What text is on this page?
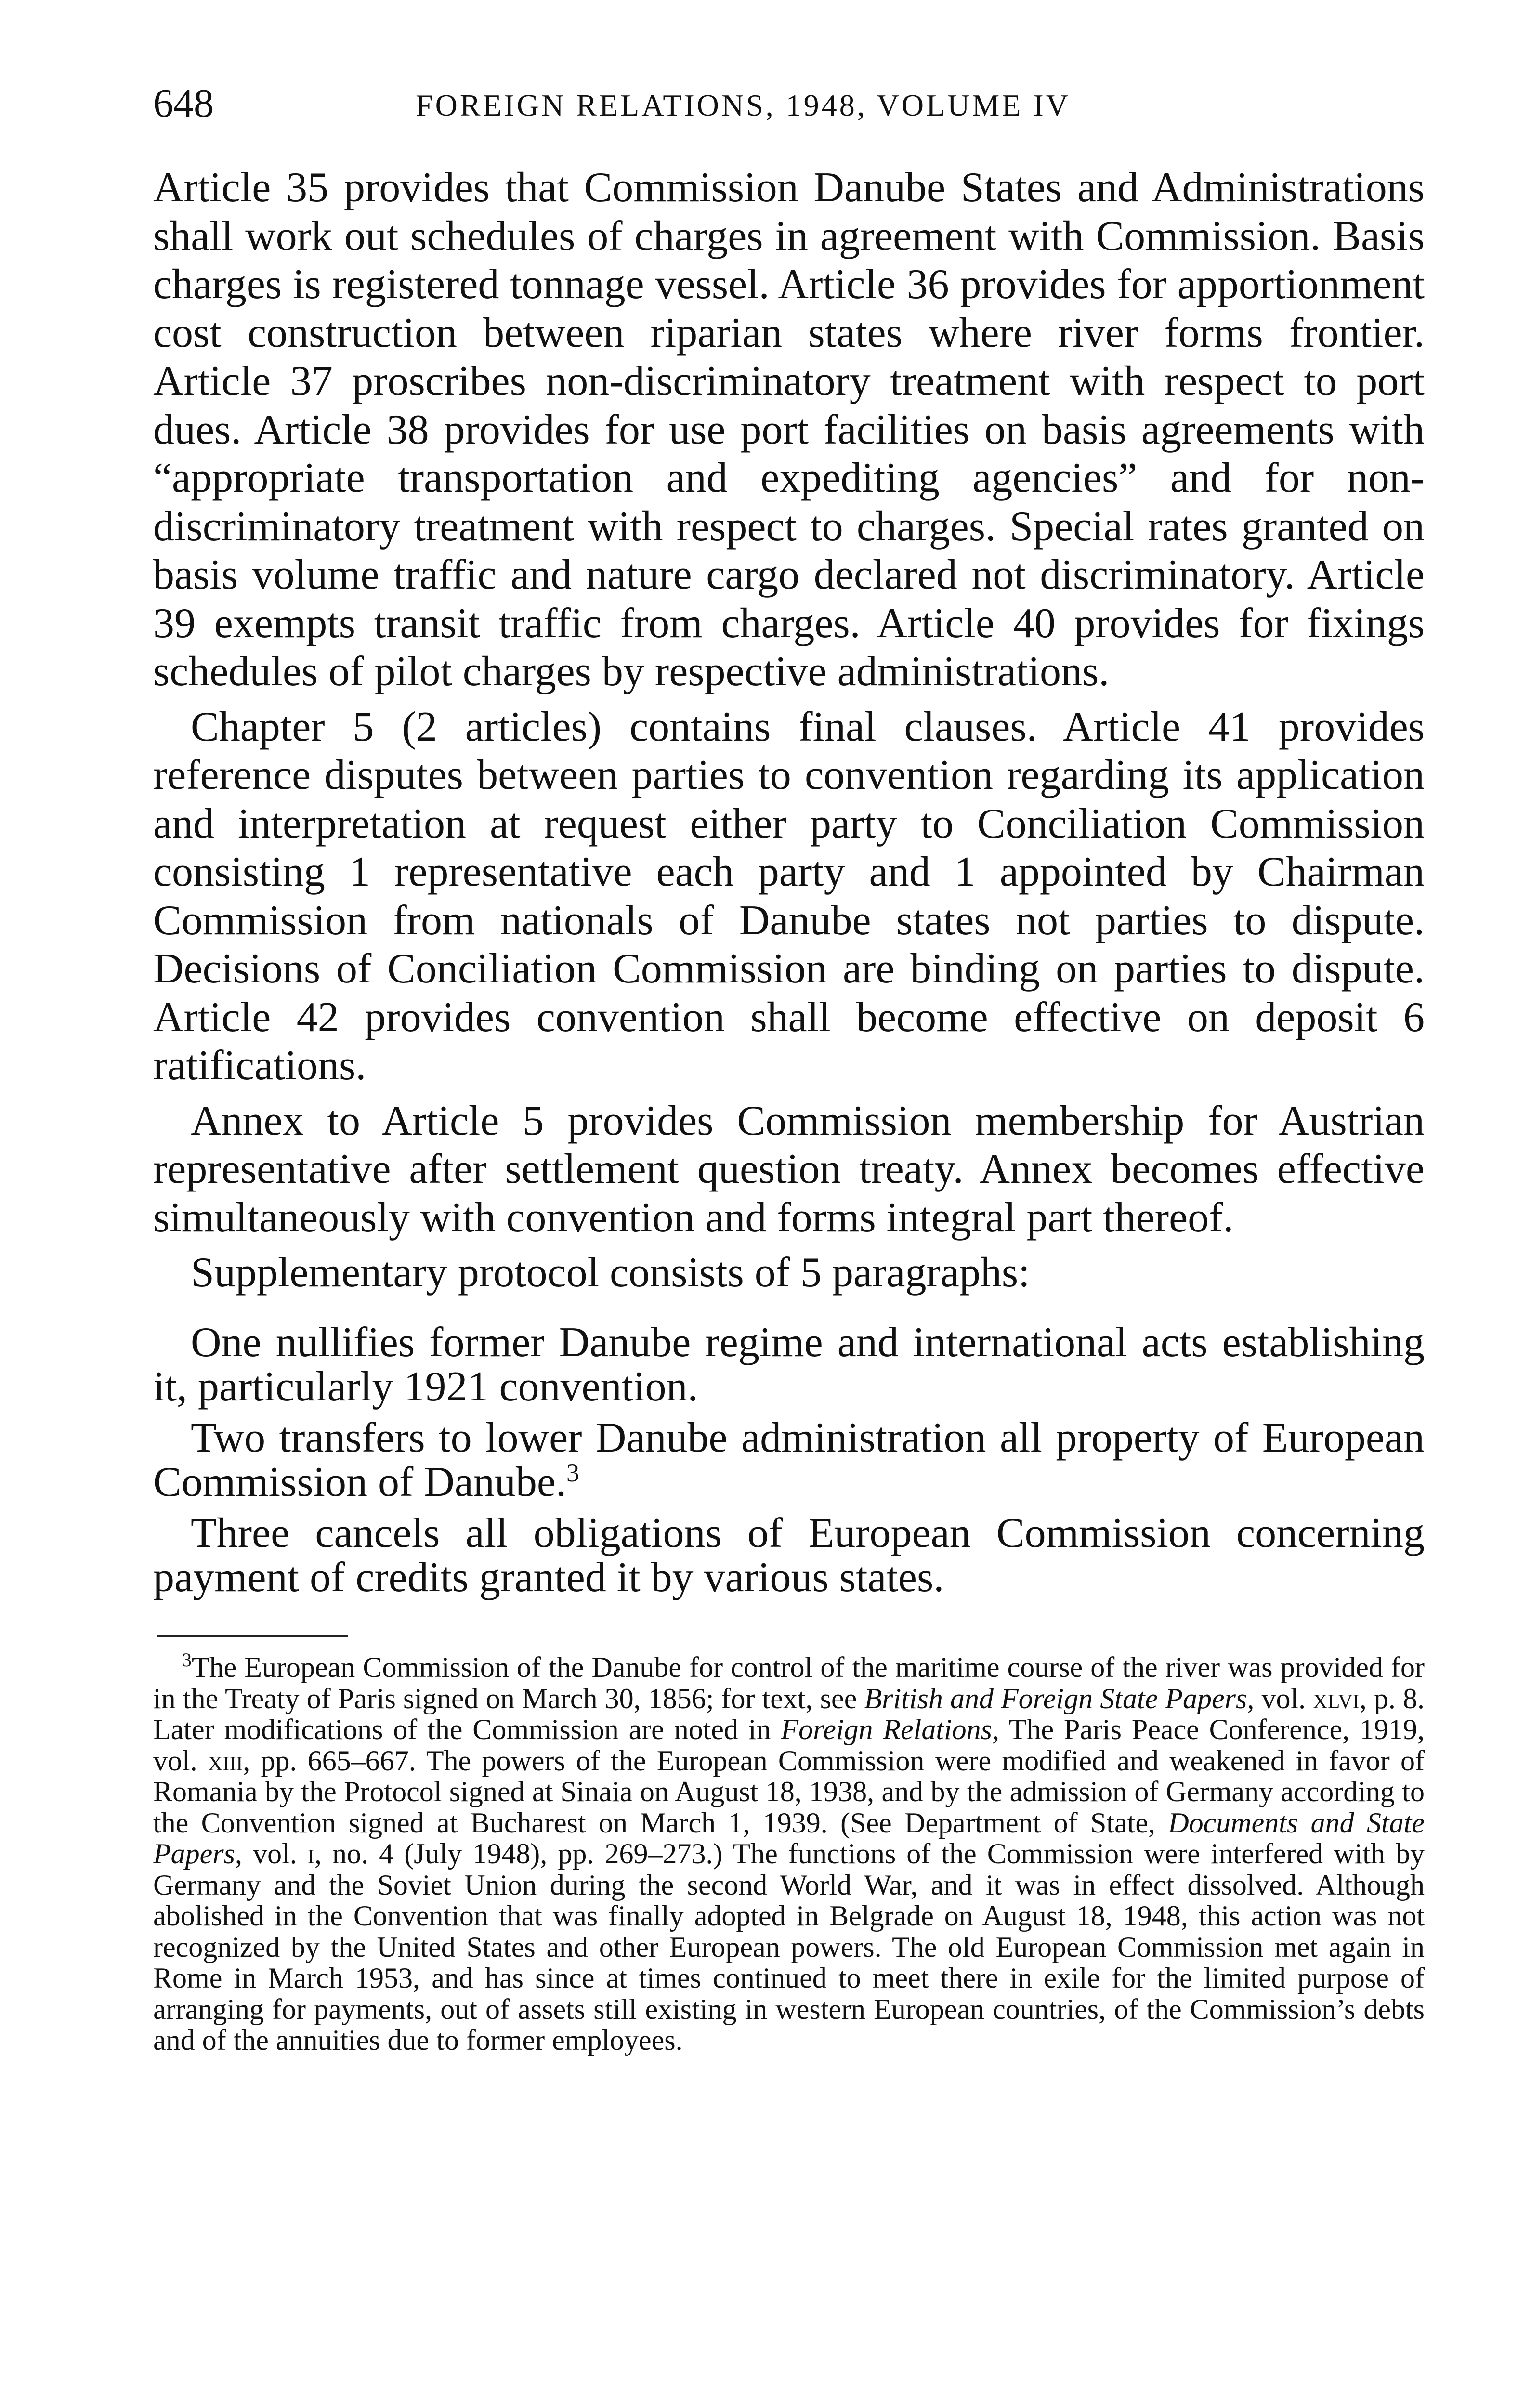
648	FOREIGN RELATIONS, 1948, VOLUME IV

Article 35 provides that Commission Danube States and Administrations shall work out schedules of charges in agreement with Commission. Basis charges is registered tonnage vessel. Article 36 provides for apportionment cost construction between riparian states where river forms frontier. Article 37 proscribes non-discriminatory treatment with respect to port dues. Article 38 provides for use port facilities on basis agreements with “appropriate transportation and expediting agencies” and for non-discriminatory treatment with respect to charges. Special rates granted on basis volume traffic and nature cargo declared not discriminatory. Article 39 exempts transit traffic from charges. Article 40 provides for fixings schedules of pilot charges by respective administrations.

Chapter 5 (2 articles) contains final clauses. Article 41 provides reference disputes between parties to convention regarding its application and interpretation at request either party to Conciliation Commission consisting 1 representative each party and 1 appointed by Chairman Commission from nationals of Danube states not parties to dispute. Decisions of Conciliation Commission are binding on parties to dispute. Article 42 provides convention shall become effective on deposit 6 ratifications.

Annex to Article 5 provides Commission membership for Austrian representative after settlement question treaty. Annex becomes effective simultaneously with convention and forms integral part thereof.

Supplementary protocol consists of 5 paragraphs:

One nullifies former Danube regime and international acts establishing it, particularly 1921 convention.

Two transfers to lower Danube administration all property of European Commission of Danube.$^3$

Three cancels all obligations of European Commission concerning payment of credits granted it by various states.

$^3$The European Commission of the Danube for control of the maritime course of the river was provided for in the Treaty of Paris signed on March 30, 1856; for text, see British and Foreign State Papers, vol. xlvi, p. 8. Later modifications of the Commission are noted in Foreign Relations, The Paris Peace Conference, 1919, vol. xiii, pp. 665–667. The powers of the European Commission were modified and weakened in favor of Romania by the Protocol signed at Sinaia on August 18, 1938, and by the admission of Germany according to the Convention signed at Bucharest on March 1, 1939. (See Department of State, Documents and State Papers, vol. i, no. 4 (July 1948), pp. 269–273.) The functions of the Commission were interfered with by Germany and the Soviet Union during the second World War, and it was in effect dissolved. Although abolished in the Convention that was finally adopted in Belgrade on August 18, 1948, this action was not recognized by the United States and other European powers. The old European Commission met again in Rome in March 1953, and has since at times continued to meet there in exile for the limited purpose of arranging for payments, out of assets still existing in western European countries, of the Commission’s debts and of the annuities due to former employees.
